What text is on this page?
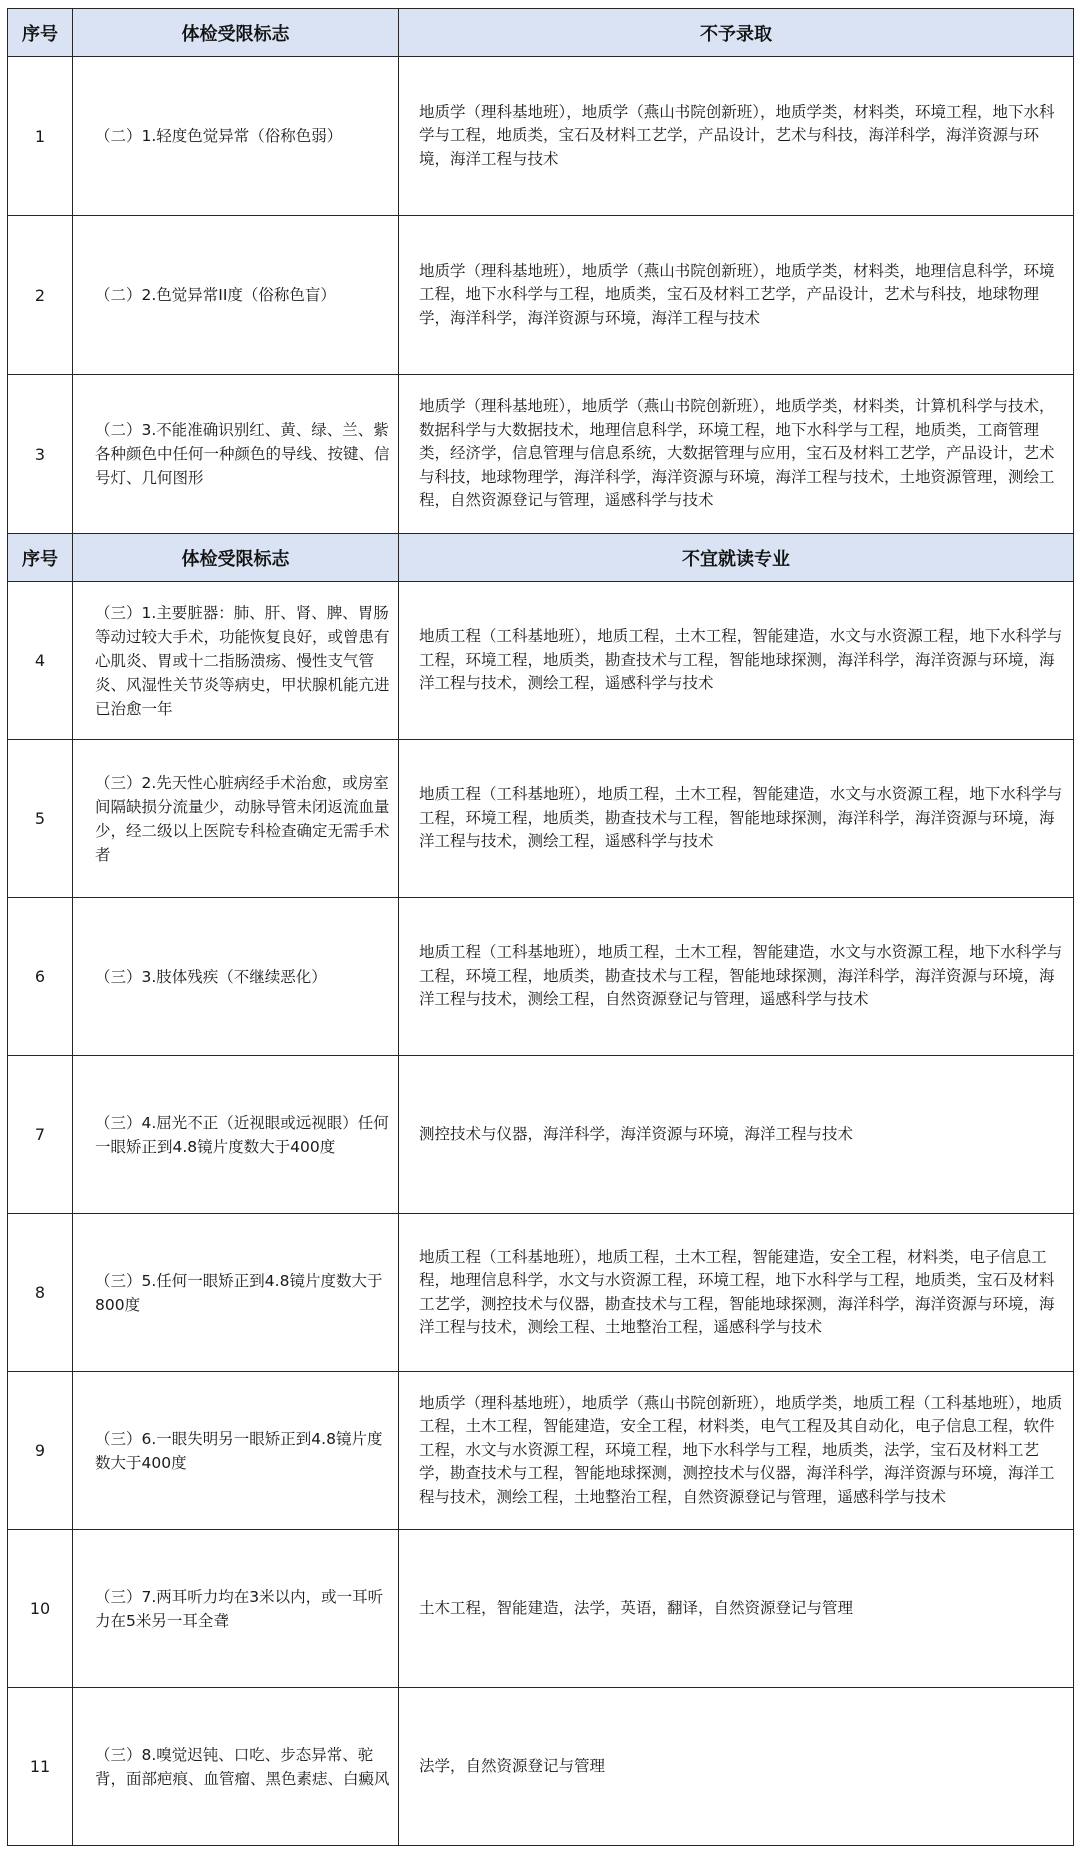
序号	体检受限标志	不予录取
1	（二）1.轻度色觉异常（俗称色弱）	地质学（理科基地班），地质学（燕山书院创新班），地质学类，材料类，环境工程，地下水科学与工程，地质类，宝石及材料工艺学，产品设计，艺术与科技，海洋科学，海洋资源与环境，海洋工程与技术
2	（二）2.色觉异常II度（俗称色盲）	地质学（理科基地班），地质学（燕山书院创新班），地质学类，材料类，地理信息科学，环境工程，地下水科学与工程，地质类，宝石及材料工艺学，产品设计，艺术与科技，地球物理学，海洋科学，海洋资源与环境，海洋工程与技术
3	（二）3.不能准确识别红、黄、绿、兰、紫各种颜色中任何一种颜色的导线、按键、信号灯、几何图形	地质学（理科基地班），地质学（燕山书院创新班），地质学类，材料类，计算机科学与技术，数据科学与大数据技术，地理信息科学，环境工程，地下水科学与工程，地质类，工商管理类，经济学，信息管理与信息系统，大数据管理与应用，宝石及材料工艺学，产品设计，艺术与科技，地球物理学，海洋科学，海洋资源与环境，海洋工程与技术，土地资源管理，测绘工程，自然资源登记与管理，遥感科学与技术
序号	体检受限标志	不宜就读专业
4	（三）1.主要脏器：肺、肝、肾、脾、胃肠等动过较大手术，功能恢复良好，或曾患有心肌炎、胃或十二指肠溃疡、慢性支气管炎、风湿性关节炎等病史，甲状腺机能亢进已治愈一年	地质工程（工科基地班），地质工程，土木工程，智能建造，水文与水资源工程，地下水科学与工程，环境工程，地质类，勘查技术与工程，智能地球探测，海洋科学，海洋资源与环境，海洋工程与技术，测绘工程，遥感科学与技术
5	（三）2.先天性心脏病经手术治愈，或房室间隔缺损分流量少，动脉导管未闭返流血量少，经二级以上医院专科检查确定无需手术者	地质工程（工科基地班），地质工程，土木工程，智能建造，水文与水资源工程，地下水科学与工程，环境工程，地质类，勘查技术与工程，智能地球探测，海洋科学，海洋资源与环境，海洋工程与技术，测绘工程，遥感科学与技术
6	（三）3.肢体残疾（不继续恶化）	地质工程（工科基地班），地质工程，土木工程，智能建造，水文与水资源工程，地下水科学与工程，环境工程，地质类，勘查技术与工程，智能地球探测，海洋科学，海洋资源与环境，海洋工程与技术，测绘工程，自然资源登记与管理，遥感科学与技术
7	（三）4.屈光不正（近视眼或远视眼）任何一眼矫正到4.8镜片度数大于400度	测控技术与仪器，海洋科学，海洋资源与环境，海洋工程与技术
8	（三）5.任何一眼矫正到4.8镜片度数大于800度	地质工程（工科基地班），地质工程，土木工程，智能建造，安全工程，材料类，电子信息工程，地理信息科学，水文与水资源工程，环境工程，地下水科学与工程，地质类，宝石及材料工艺学，测控技术与仪器，勘查技术与工程，智能地球探测，海洋科学，海洋资源与环境，海洋工程与技术，测绘工程、土地整治工程，遥感科学与技术
9	（三）6.一眼失明另一眼矫正到4.8镜片度数大于400度	地质学（理科基地班），地质学（燕山书院创新班），地质学类，地质工程（工科基地班），地质工程，土木工程，智能建造，安全工程，材料类，电气工程及其自动化，电子信息工程，软件工程，水文与水资源工程，环境工程，地下水科学与工程，地质类，法学，宝石及材料工艺学，勘查技术与工程，智能地球探测，测控技术与仪器，海洋科学，海洋资源与环境，海洋工程与技术，测绘工程，土地整治工程，自然资源登记与管理，遥感科学与技术
10	（三）7.两耳听力均在3米以内，或一耳听力在5米另一耳全聋	土木工程，智能建造，法学，英语，翻译，自然资源登记与管理
11	（三）8.嗅觉迟钝、口吃、步态异常、驼背，面部疤痕、血管瘤、黑色素痣、白癜风	法学，自然资源登记与管理
